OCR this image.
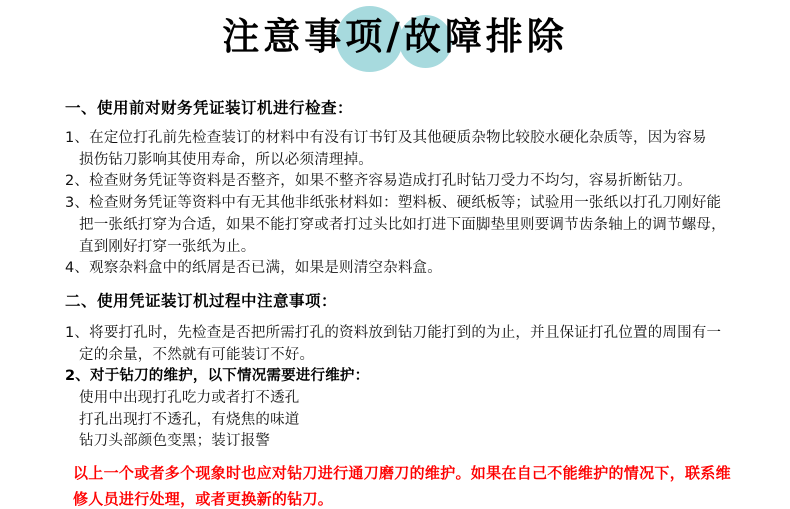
注意事项/故障排除
一、使用前对财务凭证装订机进行检查：
1、在定位打孔前先检查装订的材料中有没有订书钉及其他硬质杂物比较胶水硬化杂质等，因为容易
损伤钻刀影响其使用寿命，所以必须清理掉。
2、检查财务凭证等资料是否整齐，如果不整齐容易造成打孔时钻刀受力不均匀，容易折断钻刀。
3、检查财务凭证等资料中有无其他非纸张材料如：塑料板、硬纸板等；试验用一张纸以打孔刀刚好能
把一张纸打穿为合适，如果不能打穿或者打过头比如打进下面脚垫里则要调节齿条轴上的调节螺母，
直到刚好打穿一张纸为止。
4、观察杂料盒中的纸屑是否已满，如果是则清空杂料盒。
二、使用凭证装订机过程中注意事项：
1、将要打孔时，先检查是否把所需打孔的资料放到钻刀能打到的为止，并且保证打孔位置的周围有一
定的余量，不然就有可能装订不好。
2、对于钻刀的维护，以下情况需要进行维护：
使用中出现打孔吃力或者打不透孔
打孔出现打不透孔，有烧焦的味道
钻刀头部颜色变黑；装订报警
以上一个或者多个现象时也应对钻刀进行通刀磨刀的维护。如果在自己不能维护的情况下，联系维
修人员进行处理，或者更换新的钻刀。
